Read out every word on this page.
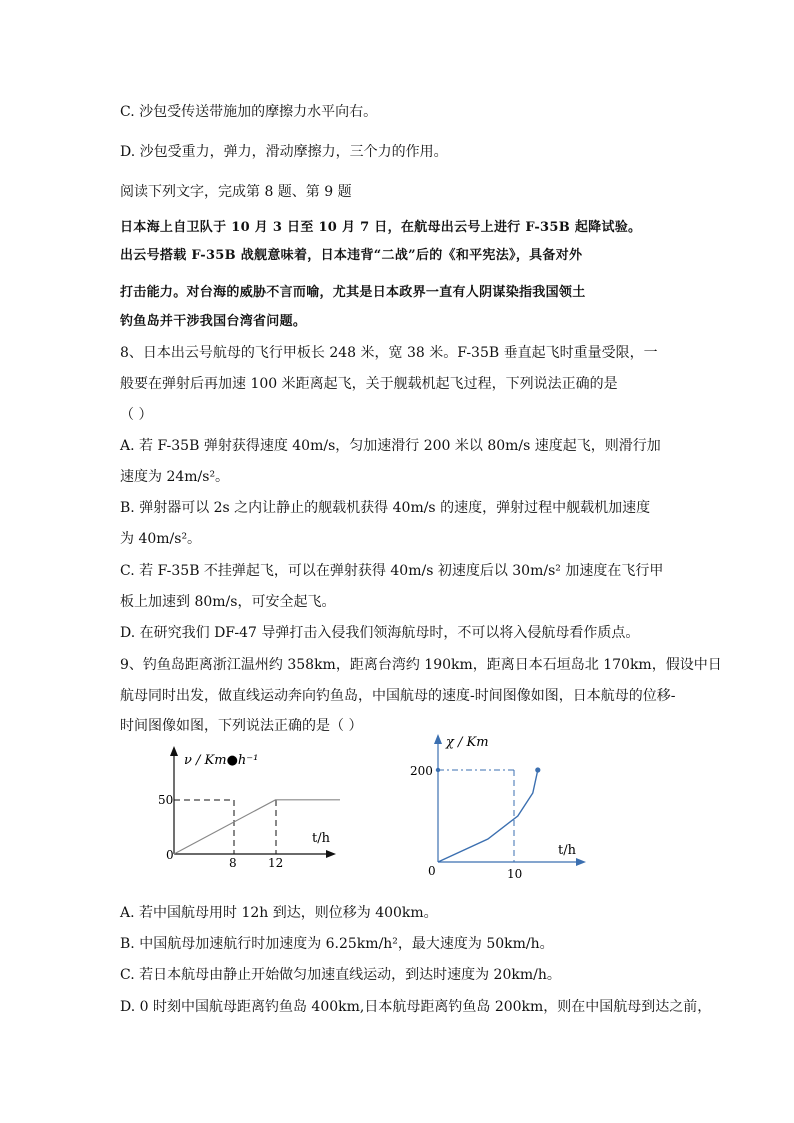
C. 沙包受传送带施加的摩擦力水平向右。
D. 沙包受重力，弹力，滑动摩擦力，三个力的作用。
阅读下列文字，完成第 8 题、第 9 题
日本海上自卫队于 10 月 3 日至 10 月 7 日，在航母出云号上进行 F-35B 起降试验。
出云号搭载 F-35B 战舰意味着，日本违背“二战”后的《和平宪法》，具备对外
打击能力。对台海的威胁不言而喻，尤其是日本政界一直有人阴谋染指我国领土
钓鱼岛并干涉我国台湾省问题。
8、日本出云号航母的飞行甲板长 248 米，宽 38 米。F-35B 垂直起飞时重量受限，一
般要在弹射后再加速 100 米距离起飞，关于舰载机起飞过程，下列说法正确的是
（ ）
A. 若 F-35B 弹射获得速度 40m/s，匀加速滑行 200 米以 80m/s 速度起飞，则滑行加
速度为 24m/s²。
B. 弹射器可以 2s 之内让静止的舰载机获得 40m/s 的速度，弹射过程中舰载机加速度
为 40m/s²。
C. 若 F-35B 不挂弹起飞，可以在弹射获得 40m/s 初速度后以 30m/s² 加速度在飞行甲
板上加速到 80m/s，可安全起飞。
D. 在研究我们 DF-47 导弹打击入侵我们领海航母时，不可以将入侵航母看作质点。
9、钓鱼岛距离浙江温州约 358km，距离台湾约 190km，距离日本石垣岛北 170km，假设中日
航母同时出发，做直线运动奔向钓鱼岛，中国航母的速度-时间图像如图，日本航母的位移-
时间图像如图，下列说法正确的是（ ）
ν / Km●h⁻¹
t/h
0
50
8	12
χ / Km
t/h
0
200
10
A. 若中国航母用时 12h 到达，则位移为 400km。
B. 中国航母加速航行时加速度为 6.25km/h²，最大速度为 50km/h。
C. 若日本航母由静止开始做匀加速直线运动，到达时速度为 20km/h。
D. 0 时刻中国航母距离钓鱼岛 400km,日本航母距离钓鱼岛 200km，则在中国航母到达之前，
